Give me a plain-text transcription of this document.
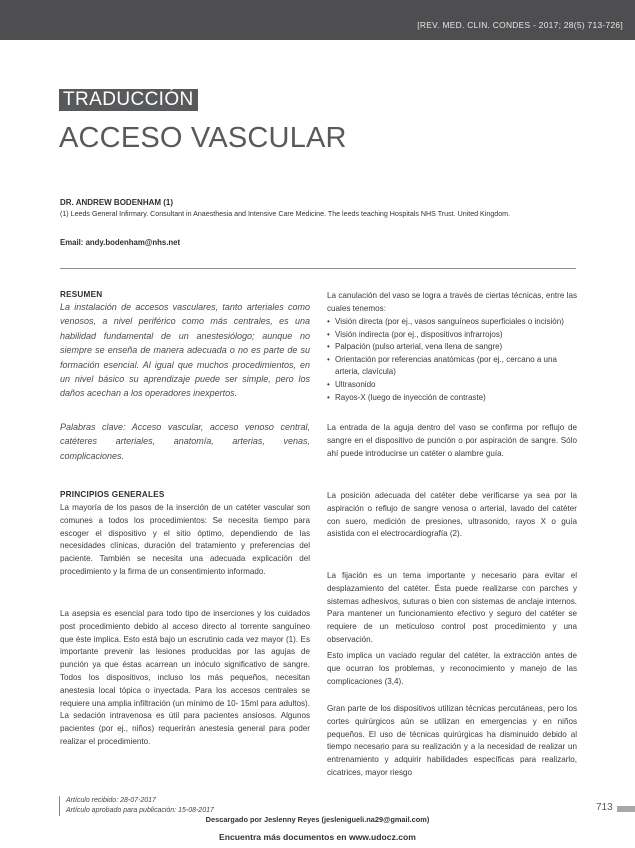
[REV. MED. CLIN. CONDES - 2017; 28(5) 713-726]
TRADUCCIÓN
ACCESO VASCULAR
DR. ANDREW BODENHAM (1)
(1) Leeds General Infirmary. Consultant in Anaesthesia and Intensive Care Medicine. The leeds teaching Hospitals NHS Trust. United Kingdom.
Email: andy.bodenham@nhs.net
RESUMEN
La instalación de accesos vasculares, tanto arteriales como venosos, a nivel periférico como más centrales, es una habilidad fundamental de un anestesiólogo; aunque no siempre se enseña de manera adecuada o no es parte de su formación esencial. Al igual que muchos procedimientos, en un nivel básico su aprendizaje puede ser simple, pero los daños acechan a los operadores inexpertos.
Palabras clave: Acceso vascular, acceso venoso central, catéteres arteriales, anatomía, arterias, venas, complicaciones.
PRINCIPIOS GENERALES
La mayoría de los pasos de la inserción de un catéter vascular son comunes a todos los procedimientos: Se necesita tiempo para escoger el dispositivo y el sitio óptimo, dependiendo de las necesidades clínicas, duración del tratamiento y preferencias del paciente. También se necesita una adecuada explicación del procedimiento y la firma de un consentimiento informado.
La asepsia es esencial para todo tipo de inserciones y los cuidados post procedimiento debido al acceso directo al torrente sanguíneo que éste implica. Esto está bajo un escrutinio cada vez mayor (1). Es importante prevenir las lesiones producidas por las agujas de punción ya que éstas acarrean un inóculo significativo de sangre. Todos los dispositivos, incluso los más pequeños, necesitan anestesia local tópica o inyectada. Para los accesos centrales se requiere una amplia infiltración (un mínimo de 10- 15ml para adultos). La sedación intravenosa es útil para pacientes ansiosos. Algunos pacientes (por ej., niños) requerirán anestesia general para poder realizar el procedimiento.
La canulación del vaso se logra a través de ciertas técnicas, entre las cuales tenemos:
• Visión directa (por ej., vasos sanguíneos superficiales o incisión)
• Visión indirecta (por ej., dispositivos infrarrojos)
• Palpación (pulso arterial, vena llena de sangre)
• Orientación por referencias anatómicas (por ej., cercano a una arteria, clavícula)
• Ultrasonido
• Rayos-X (luego de inyección de contraste)
La entrada de la aguja dentro del vaso se confirma por reflujo de sangre en el dispositivo de punción o por aspiración de sangre. Sólo ahí puede introducirse un catéter o alambre guía.
La posición adecuada del catéter debe verificarse ya sea por la aspiración o reflujo de sangre venosa o arterial, lavado del catéter con suero, medición de presiones, ultrasonido, rayos X o guía asistida con el electrocardiografía (2).
La fijación es un tema importante y necesario para evitar el desplazamiento del catéter. Ésta puede realizarse con parches y sistemas adhesivos, suturas o bien con sistemas de anclaje internos. Para mantener un funcionamiento efectivo y seguro del catéter se requiere de un meticuloso control post procedimiento y una observación.
Esto implica un vaciado regular del catéter, la extracción antes de que ocurran los problemas, y reconocimiento y manejo de las complicaciones (3,4).
Gran parte de los dispositivos utilizan técnicas percutáneas, pero los cortes quirúrgicos aún se utilizan en emergencias y en niños pequeños. El uso de técnicas quirúrgicas ha disminuido debido al tiempo necesario para su realización y a la necesidad de realizar un entrenamiento y adquirir habilidades específicas para realizarlo, cicatrices, mayor riesgo
Artículo recibido: 28-07-2017
Artículo aprobado para publicación: 15-08-2017	713
Descargado por Jeslenny Reyes (jeslenigueli.na29@gmail.com)
Encuentra más documentos en www.udocz.com
